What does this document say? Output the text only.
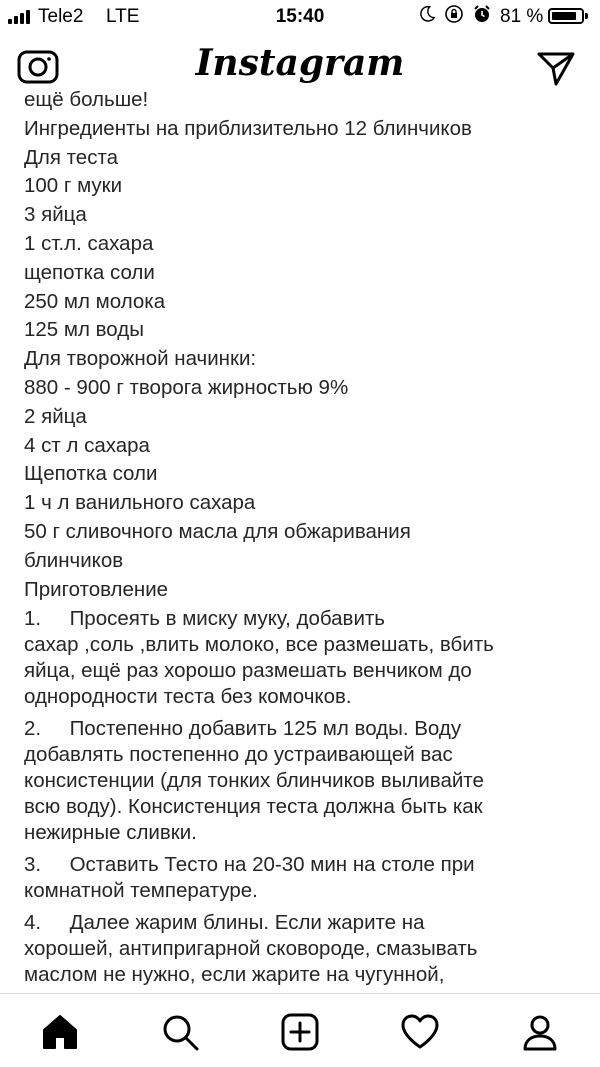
Tele2 LTE	15:40	81 %
Instagram
ещё больше!
Ингредиенты на приблизительно 12 блинчиков
Для теста
100 г муки
3 яйца
1 ст.л. сахара
щепотка соли
250 мл молока
125 мл воды
Для творожной начинки:
880 - 900 г творога жирностью 9%
2 яйца
4 ст л сахара
Щепотка соли
1 ч л ванильного сахара
50 г сливочного масла для обжаривания
блинчиков
Приготовление
1.     Просеять в миску муку, добавить
сахар ,соль ,влить молоко, все размешать, вбить
яйца, ещё раз хорошо размешать венчиком до
однородности теста без комочков.
2.     Постепенно добавить 125 мл воды. Воду
добавлять постепенно до устраивающей вас
консистенции (для тонких блинчиков выливайте
всю воду). Консистенция теста должна быть как
нежирные сливки.
3.     Оставить Тесто на 20-30 мин на столе при
комнатной температуре.
4.     Далее жарим блины. Если жарите на
хорошей, антипригарной сковороде, смазывать
маслом не нужно, если жарите на чугунной,
